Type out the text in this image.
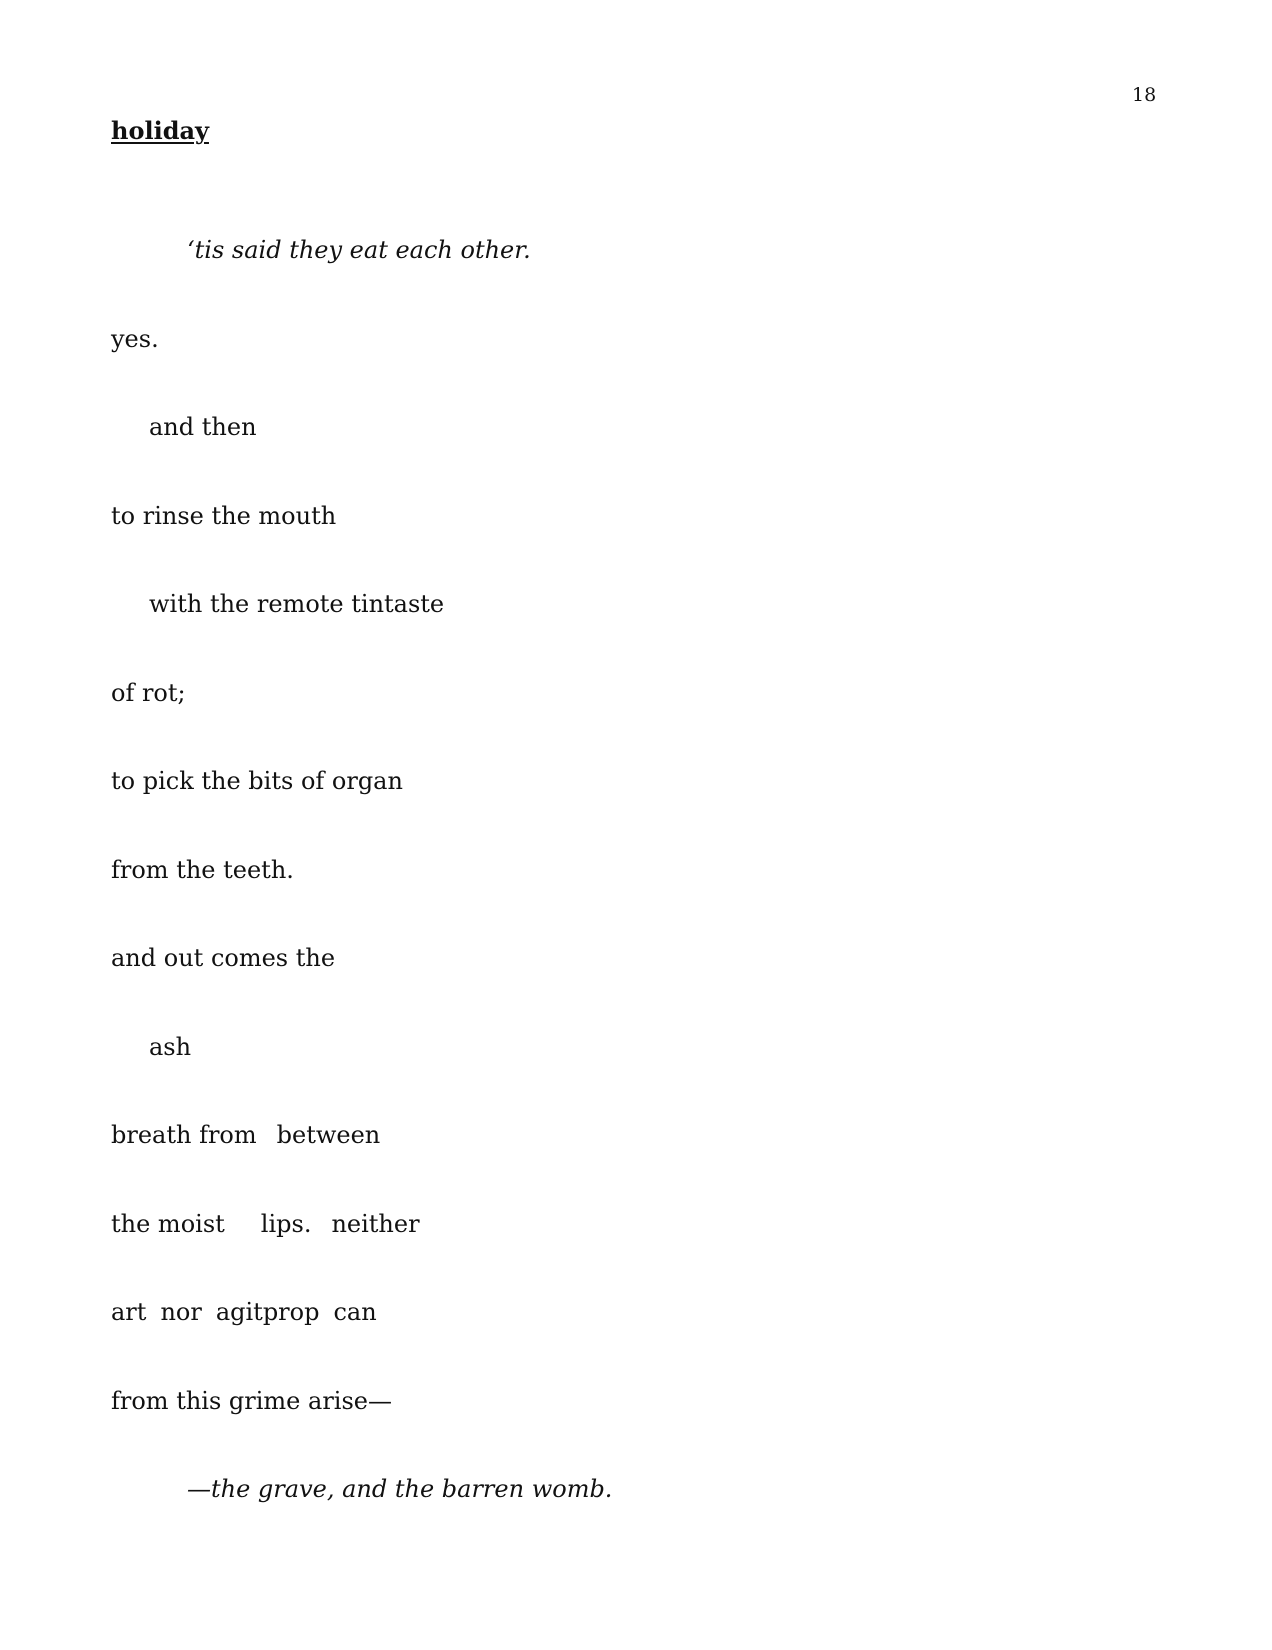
18
holiday

‘tis said they eat each other.

yes.

and then

to rinse the mouth

with the remote tintaste

of rot;

to pick the bits of organ

from the teeth.

and out comes the

ash

breath from between

the moist lips. neither

art nor agitprop can

from this grime arise—

—the grave, and the barren womb.
